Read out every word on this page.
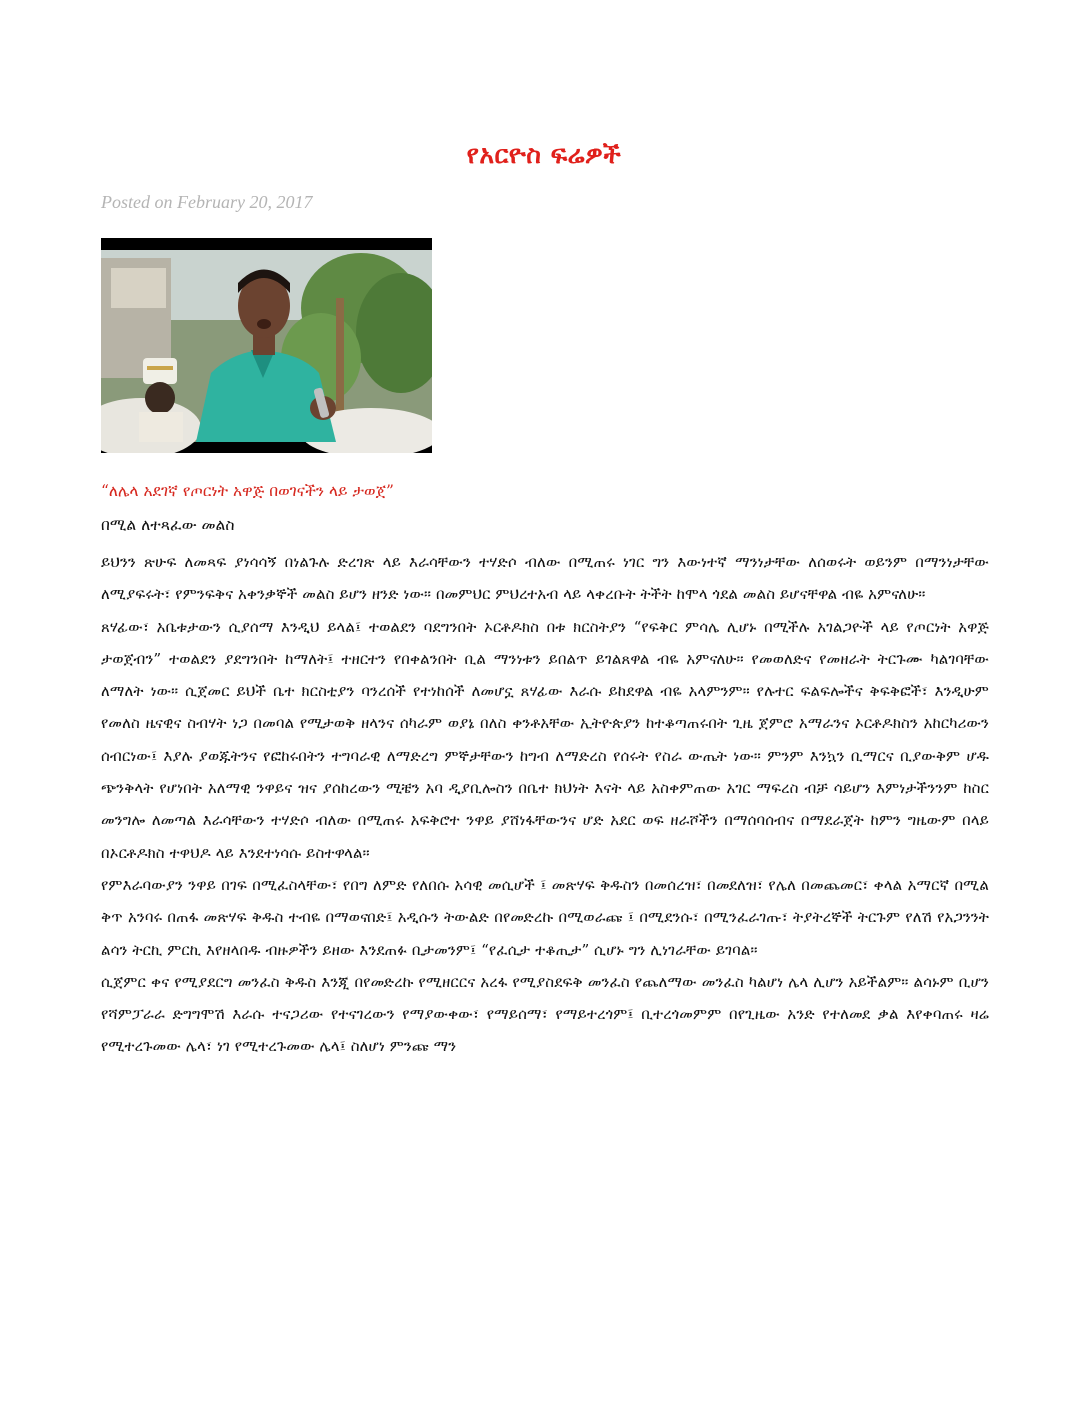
የአርዮስ ፍሬዎች
Posted on February 20, 2017
“ለሌላ አደገኛ የጦርነት አዋጅ በወገናችን ላይ ታወጀ”
በሚል ለተጻፈው መልስ

ይህንን ጽሁፍ ለመጻፍ ያነሳሳኝ በነልጉሉ ድረገጽ ላይ እራሳቸውን ተሃድሶ ብለው በሚጠሩ ነገር ግን እውነተኛ ማንነታቸው ለሰወሩት ወይንም በማንነታቸው ለሚያፍሩት፣ የምንፍቅና አቀንቃኞች መልስ ይሆን ዘንድ ነው። በመምህር ምህረተአብ ላይ ላቀረቡት ትችት ከሞላ ጎደል መልስ ይሆናቸዋል ብዬ አምናለሁ።

ጸሃፊው፣ አቤቱታውን ሲያሰማ እንዲህ ይላል፤ ተወልደን ባደግንበት ኦርቶዶክስ በቱ ክርስትያን “የፍቅር ምሳሌ ሊሆኑ በሚችሉ አገልጋዮች ላይ የጦርነት አዋጅ ታወጀብን” ተወልደን ያደግንበት ከማለት፤ ተዘርተን የበቀልንበት ቢል ማንነቱን ይበልጥ ይገልጸዋል ብዬ አምናለሁ። የመወለድና የመዘራት ትርጉሙ ካልገባቸው ለማለት ነው። ሲጀመር ይህች ቤተ ክርስቲያን ባንረሰች የተነከሰች ለመሆኗ ጸሃፊው እራሱ ይከደዋል ብዬ አላምንም። የሉተር ፍልፍሎችና ቅፍቅፎች፣ እንዲሁም የመለስ ዜናዊና ስብሃት ነጋ በመባል የሚታወቅ ዘላንና ሰካራም ወያኔ በለስ ቀንቶአቸው ኢትዮጵያን ከተቆጣጠሩበት ጊዜ ጀምሮ አማራንና ኦርቶዶክስን አከርካሪውን ሰብርነው፤ እያሉ ያወጁትንና የፎከሩበትን ተግባራዊ ለማድረግ ምኞታቸውን ከግብ ለማድረስ የሰሩት የስራ ውጤት ነው። ምንም እንኳን ቢማርና ቢያውቅም ሆዱ ጭንቅላት የሆነበት አለማዊ ንዋይና ዝና ያሰከረውን ሚቼን አባ ዲያቢሎስን በቤተ ክህነት እናት ላይ አስቀምጠው አገር ማፍረስ ብቻ ሳይሆን እምነታችንንም ከስር መንግሎ ለመጣል እራሳቸውን ተሃድሶ ብለው በሚጠሩ አፍቅሮተ ንዋይ ያሸነፋቸውንና ሆድ አደር ወፍ ዘራሾችን በማሰባሰብና በማደራጀት ከምን ግዜውም በላይ በኦርቶዶክስ ተዋህዶ ላይ እንደተነሳሱ ይስተዋላል።

የምእራባውያን ንዋይ በገፍ በሚፈስላቸው፣ የበግ ለምድ የለበሱ አሳዊ መሲሆች ፤ መጽሃፍ ቅዱስን በመሰረዝ፣ በመደለዝ፣ የሌለ በመጨመር፣ ቀላል አማርኛ በሚል ቅጥ አንባሩ በጠፋ መጽሃፍ ቅዱስ ተብዬ በማወናበድ፤ አዲሱን ትውልድ በየመድረኩ በሚወራጩ ፤ በሚደንሱ፣ በሚንፈራገጡ፣ ትያትረኞች ትርጉም የለሽ የአጋንንት ልሳን ትርኪ ምርኪ እየዘላበዱ ብዙዎችን ይዘው እንደጠፉ ቢታመንም፤ “የፈሲታ ተቆጢታ” ሲሆኑ ግን ሊነገራቸው ይገባል።

ሲጀምር ቀና የሚያደርግ መንፈስ ቅዱስ እንጂ በየመድረኩ የሚዘርርና አረፋ የሚያስደፍቅ መንፈስ የጨለማው መንፈስ ካልሆነ ሌላ ሊሆን አይችልም። ልሳኑም ቢሆን የሻምፓራራ ድግግሞሽ እራሱ ተናጋሪው የተናገረውን የማያውቀው፣ የማይሰማ፣ የማይተረጎም፤ ቢተረጎመምም በየጊዜው አንድ የተለመደ ቃል እየቀባጠሩ ዛሬ የሚተረጉመው ሌላ፣ ነገ የሚተረጉመው ሌላ፤ ስለሆነ ምንጩ ማን
